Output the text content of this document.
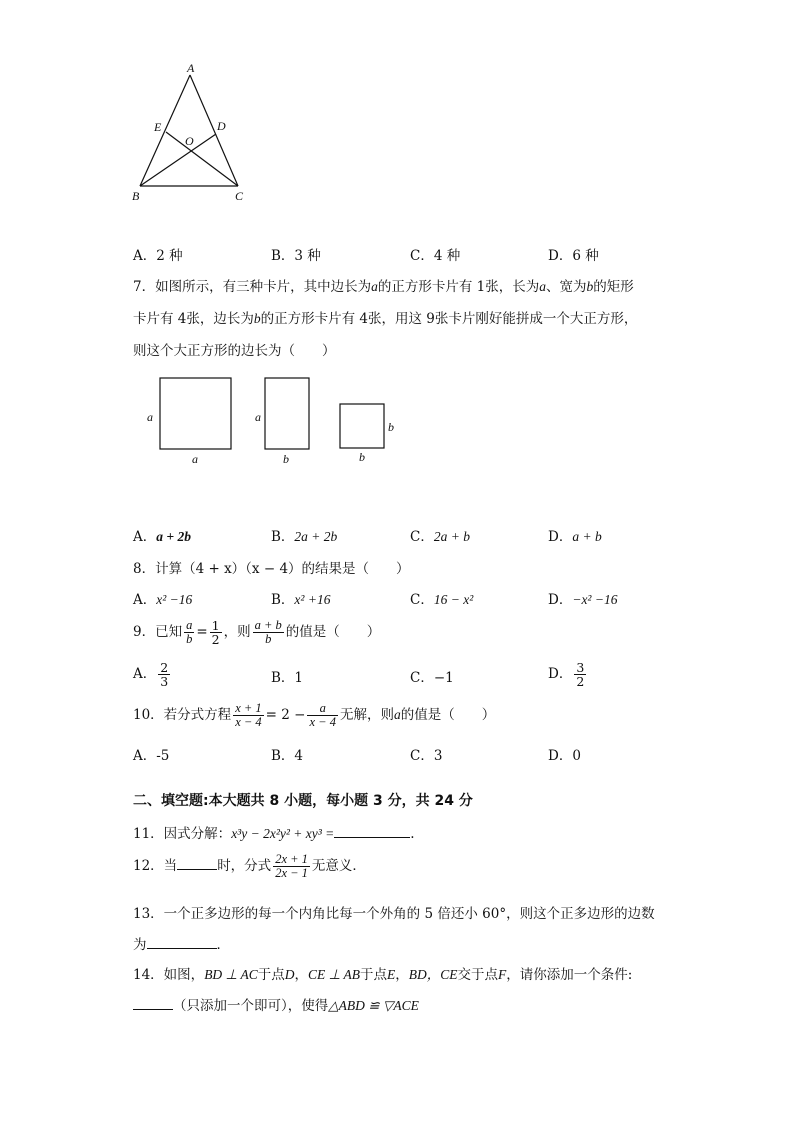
A
E	D
O
B	C
A．2 种	B．3 种	C．4 种	D．6 种
7．如图所示，有三种卡片，其中边长为a的正方形卡片有 1张，长为a、宽为b的矩形
卡片有 4张，边长为b的正方形卡片有 4张，用这 9张卡片刚好能拼成一个大正方形，
则这个大正方形的边长为（　　）
a
a
a
b
b
b
A．a + 2b	B．2a + 2b	C．2a + b	D．a + b
8．计算（4 + x）（x − 4）的结果是（　　）
A．x² −16	B．x² +16	C．16 − x²	D．−x² −16
9．已知 $\frac{a}{b} = \frac{1}{2}$ ，则 $\frac{a + b}{b}$ 的值是（　　）
A． $\frac{2}{3}$	B．1	C．−1	D． $\frac{3}{2}$
10．若分式方程 $\frac{x + 1}{x - 4} = 2 - \frac{a}{x - 4}$ 无解，则a的值是（　　）
A．-5	B．4	C．3	D．0
二、填空题:本大题共 8 小题，每小题 3 分，共 24 分
11．因式分解：x³y − 2x²y² + xy³ =	.
12．当	时，分式 $\frac{2x + 1}{2x - 1}$ 无意义．
13．一个正多边形的每一个内角比每一个外角的 5 倍还小 60°，则这个正多边形的边数
为	．
14．如图，BD ⊥ AC于点D，CE ⊥ AB于点E，BD，CE交于点F，请你添加一个条件:
（只添加一个即可），使得△ABD ≌ ▽ACE
